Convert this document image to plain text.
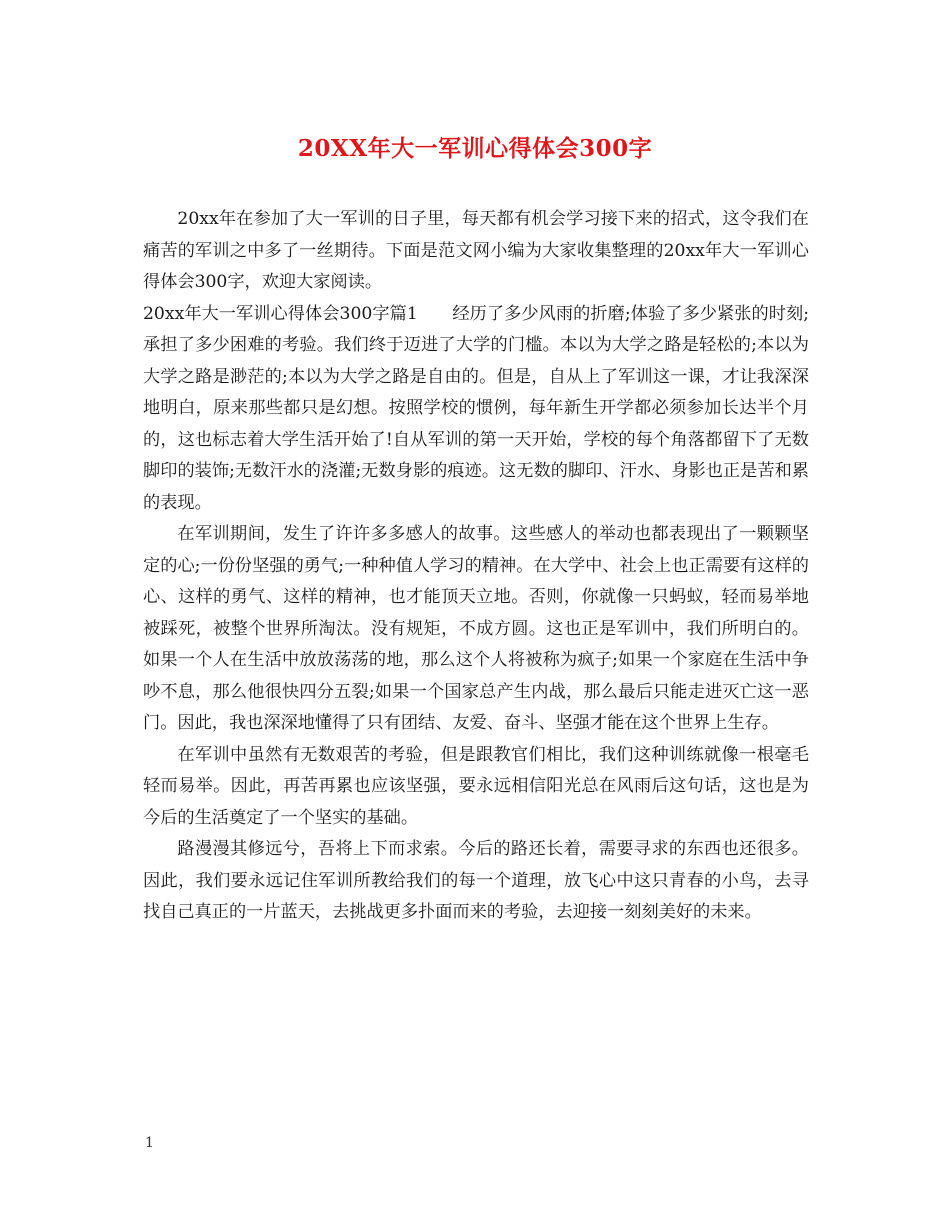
20XX年大一军训心得体会300字

20xx年在参加了大一军训的日子里，每天都有机会学习接下来的招式，这令我们在痛苦的军训之中多了一丝期待。下面是范文网小编为大家收集整理的20xx年大一军训心得体会300字，欢迎大家阅读。

20xx年大一军训心得体会300字篇1　　经历了多少风雨的折磨;体验了多少紧张的时刻;承担了多少困难的考验。我们终于迈进了大学的门槛。本以为大学之路是轻松的;本以为大学之路是渺茫的;本以为大学之路是自由的。但是，自从上了军训这一课，才让我深深地明白，原来那些都只是幻想。按照学校的惯例，每年新生开学都必须参加长达半个月的，这也标志着大学生活开始了!自从军训的第一天开始，学校的每个角落都留下了无数脚印的装饰;无数汗水的浇灌;无数身影的痕迹。这无数的脚印、汗水、身影也正是苦和累的表现。

在军训期间，发生了许许多多感人的故事。这些感人的举动也都表现出了一颗颗坚定的心;一份份坚强的勇气;一种种值人学习的精神。在大学中、社会上也正需要有这样的心、这样的勇气、这样的精神，也才能顶天立地。否则，你就像一只蚂蚁，轻而易举地被踩死，被整个世界所淘汰。没有规矩，不成方圆。这也正是军训中，我们所明白的。如果一个人在生活中放放荡荡的地，那么这个人将被称为疯子;如果一个家庭在生活中争吵不息，那么他很快四分五裂;如果一个国家总产生内战，那么最后只能走进灭亡这一恶门。因此，我也深深地懂得了只有团结、友爱、奋斗、坚强才能在这个世界上生存。

在军训中虽然有无数艰苦的考验，但是跟教官们相比，我们这种训练就像一根毫毛轻而易举。因此，再苦再累也应该坚强，要永远相信阳光总在风雨后这句话，这也是为今后的生活奠定了一个坚实的基础。

路漫漫其修远兮，吾将上下而求索。今后的路还长着，需要寻求的东西也还很多。因此，我们要永远记住军训所教给我们的每一个道理，放飞心中这只青春的小鸟，去寻找自己真正的一片蓝天，去挑战更多扑面而来的考验，去迎接一刻刻美好的未来。

1
